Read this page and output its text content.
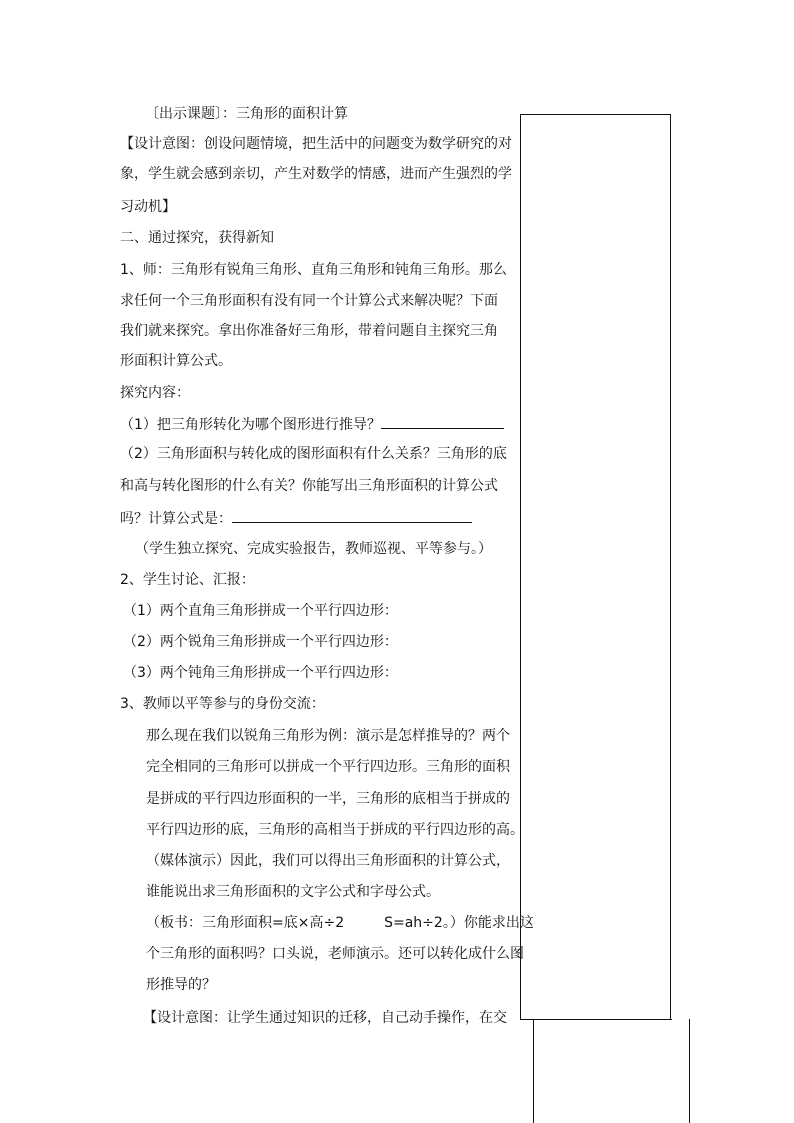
〔出示课题〕：三角形的面积计算
【设计意图：创设问题情境，把生活中的问题变为数学研究的对
象，学生就会感到亲切，产生对数学的情感，进而产生强烈的学
习动机】
二、通过探究，获得新知
1、师：三角形有锐角三角形、直角三角形和钝角三角形。那么
求任何一个三角形面积有没有同一个计算公式来解决呢？下面
我们就来探究。拿出你准备好三角形，带着问题自主探究三角
形面积计算公式。
探究内容：
（1）把三角形转化为哪个图形进行推导？
（2）三角形面积与转化成的图形面积有什么关系？三角形的底
和高与转化图形的什么有关？你能写出三角形面积的计算公式
吗？计算公式是：
（学生独立探究、完成实验报告，教师巡视、平等参与。）
2、学生讨论、汇报：
（1）两个直角三角形拼成一个平行四边形：
（2）两个锐角三角形拼成一个平行四边形：
（3）两个钝角三角形拼成一个平行四边形：
3、教师以平等参与的身份交流：
那么现在我们以锐角三角形为例：演示是怎样推导的？两个
完全相同的三角形可以拼成一个平行四边形。三角形的面积
是拼成的平行四边形面积的一半，三角形的底相当于拼成的
平行四边形的底，三角形的高相当于拼成的平行四边形的高。
（媒体演示）因此，我们可以得出三角形面积的计算公式，
谁能说出求三角形面积的文字公式和字母公式。
（板书：三角形面积=底×高÷2	S=ah÷2。）你能求出这
个三角形的面积吗？口头说，老师演示。还可以转化成什么图
形推导的？
【设计意图：让学生通过知识的迁移，自己动手操作，在交
